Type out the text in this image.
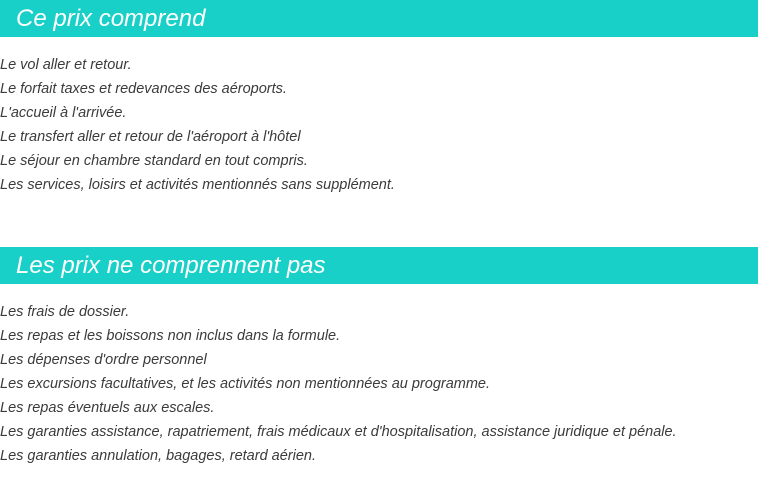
Ce prix comprend
Le vol aller et retour.
Le forfait taxes et redevances des aéroports.
L'accueil à l'arrivée.
Le transfert aller et retour de l'aéroport à l'hôtel
Le séjour en chambre standard en tout compris.
Les services, loisirs et activités mentionnés sans supplément.
Les prix ne comprennent pas
Les frais de dossier.
Les repas et les boissons non inclus dans la formule.
Les dépenses d'ordre personnel
Les excursions facultatives, et les activités non mentionnées au programme.
Les repas éventuels aux escales.
Les garanties assistance, rapatriement, frais médicaux et d'hospitalisation, assistance juridique et pénale.
Les garanties annulation, bagages, retard aérien.
